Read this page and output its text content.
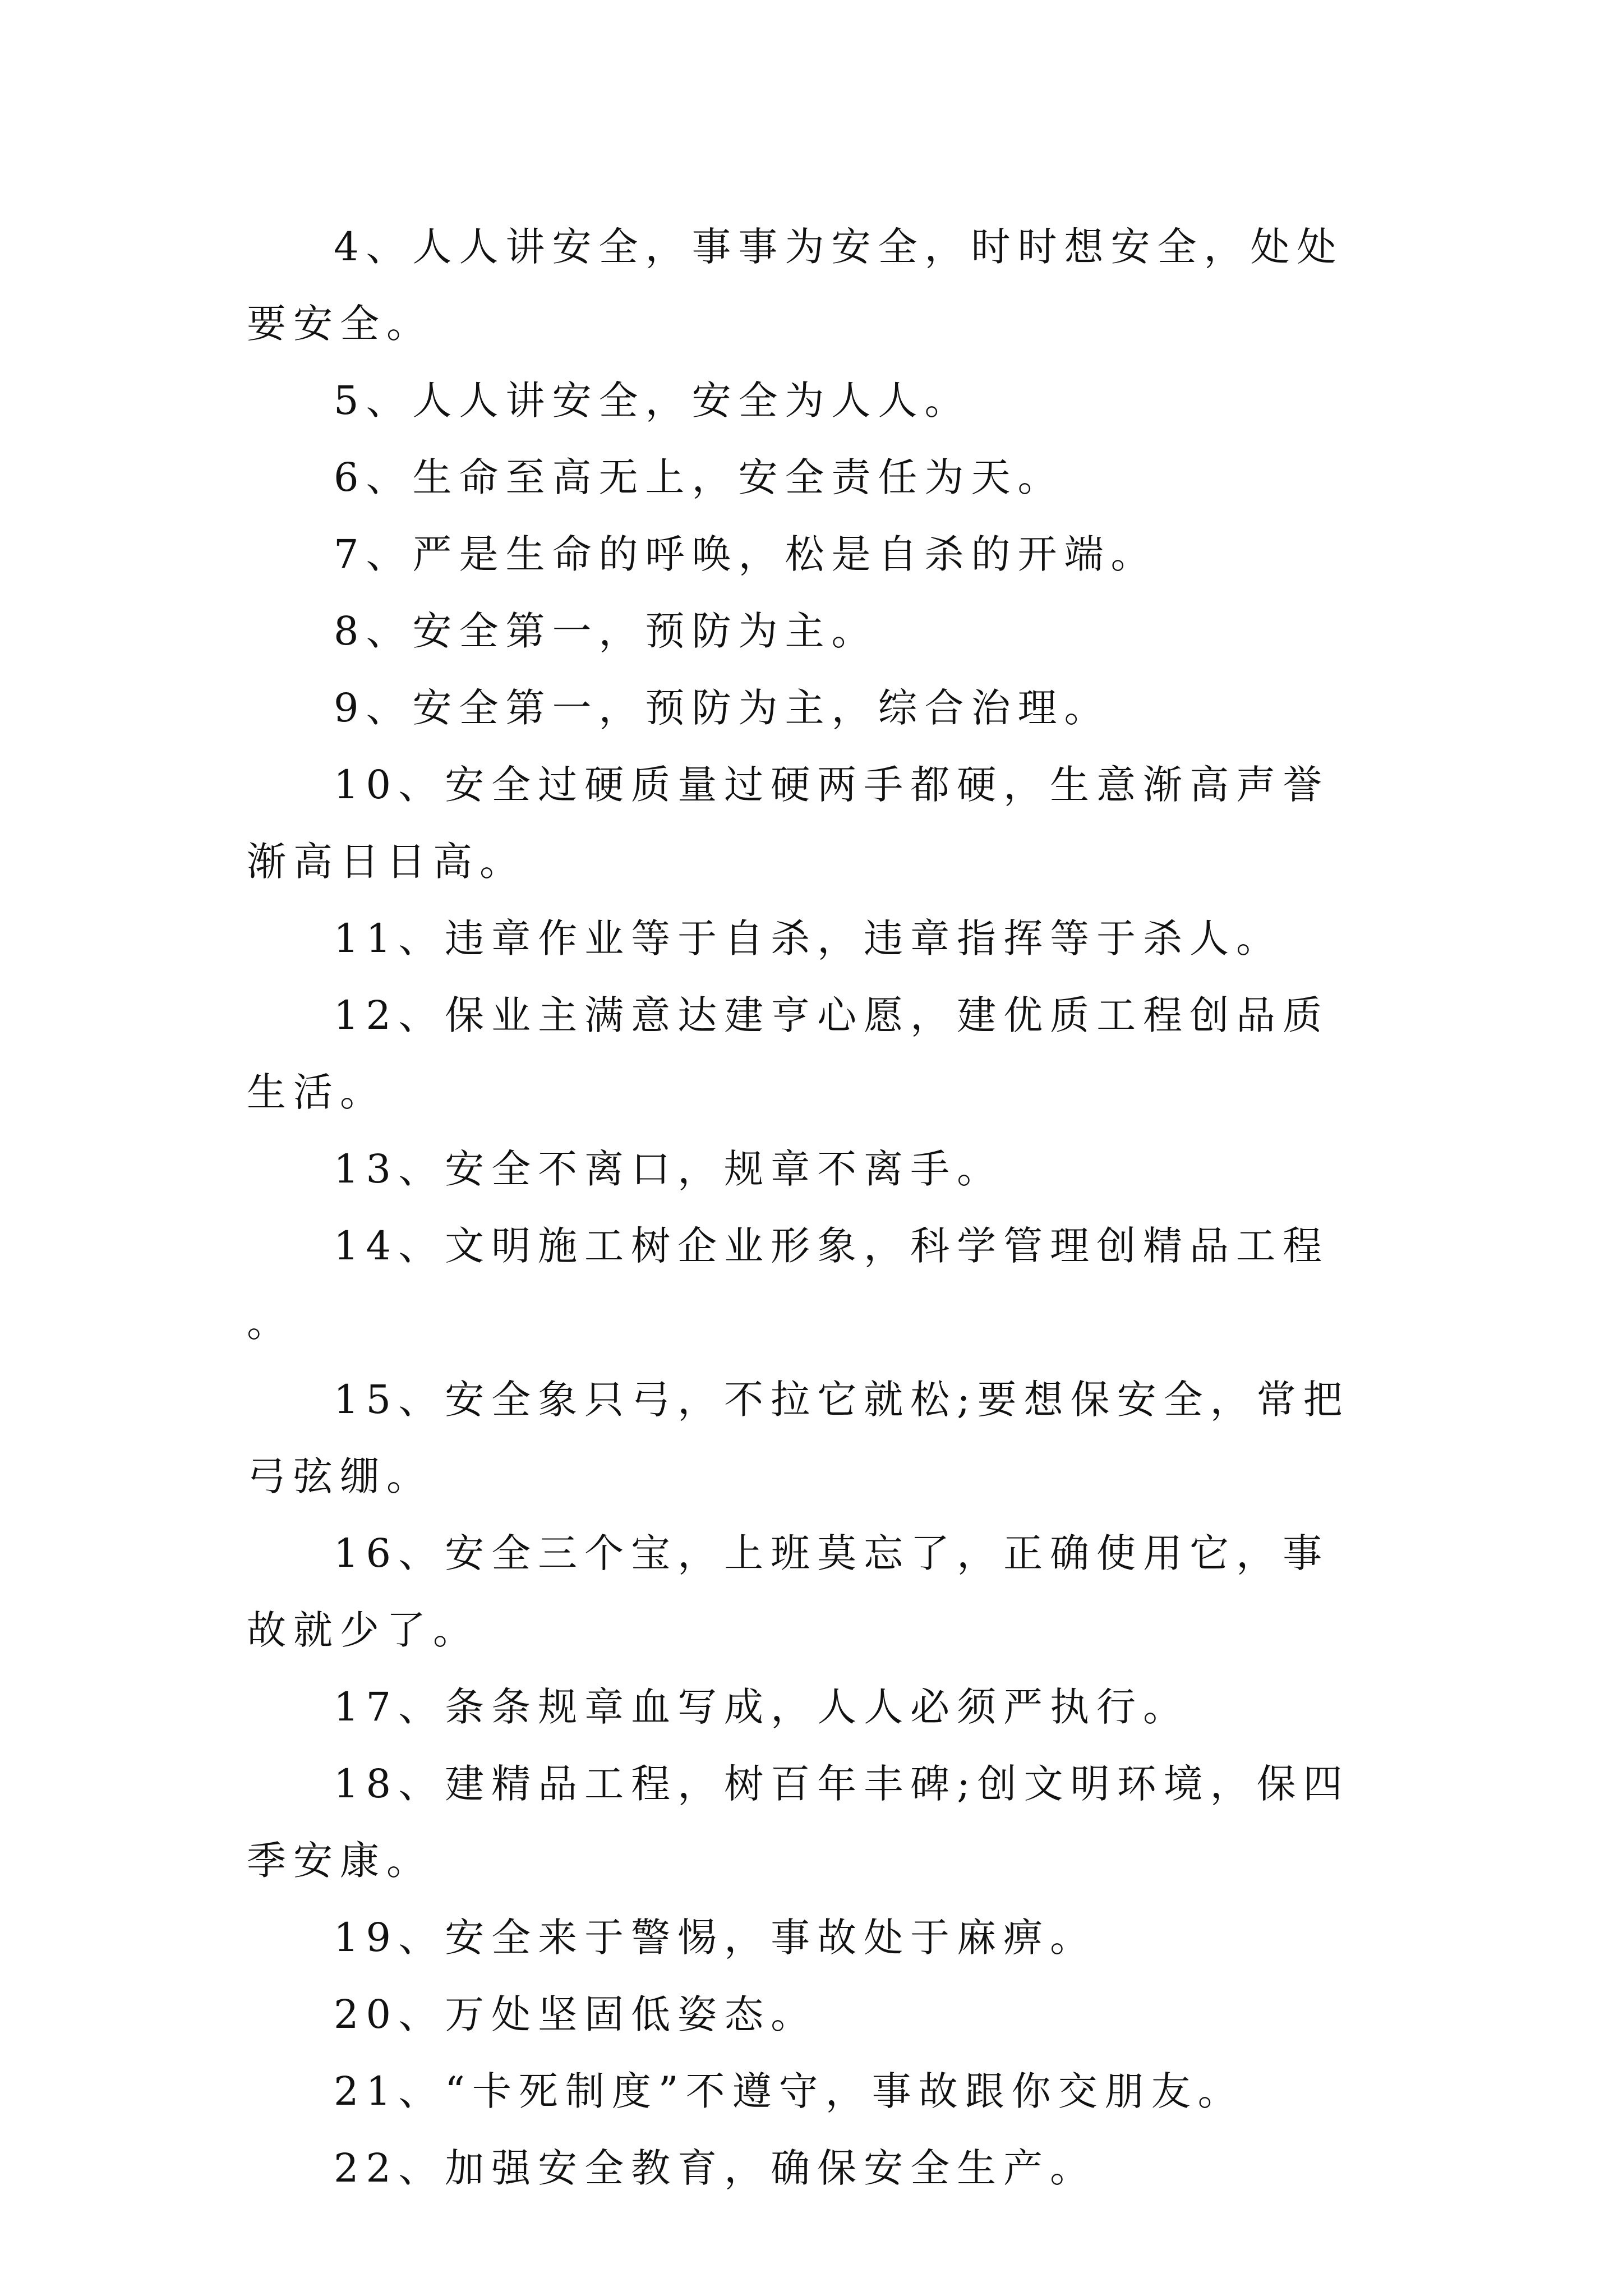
4、人人讲安全，事事为安全，时时想安全，处处要安全。

5、人人讲安全，安全为人人。

6、生命至高无上，安全责任为天。

7、严是生命的呼唤，松是自杀的开端。

8、安全第一，预防为主。

9、安全第一，预防为主，综合治理。

10、安全过硬质量过硬两手都硬，生意渐高声誉渐高日日高。

11、违章作业等于自杀，违章指挥等于杀人。

12、保业主满意达建亨心愿，建优质工程创品质生活。

13、安全不离口，规章不离手。

14、文明施工树企业形象，科学管理创精品工程。

15、安全象只弓，不拉它就松;要想保安全，常把弓弦绷。

16、安全三个宝，上班莫忘了，正确使用它，事故就少了。

17、条条规章血写成，人人必须严执行。

18、建精品工程，树百年丰碑;创文明环境，保四季安康。

19、安全来于警惕，事故处于麻痹。

20、万处坚固低姿态。

21、“卡死制度”不遵守，事故跟你交朋友。

22、加强安全教育，确保安全生产。
